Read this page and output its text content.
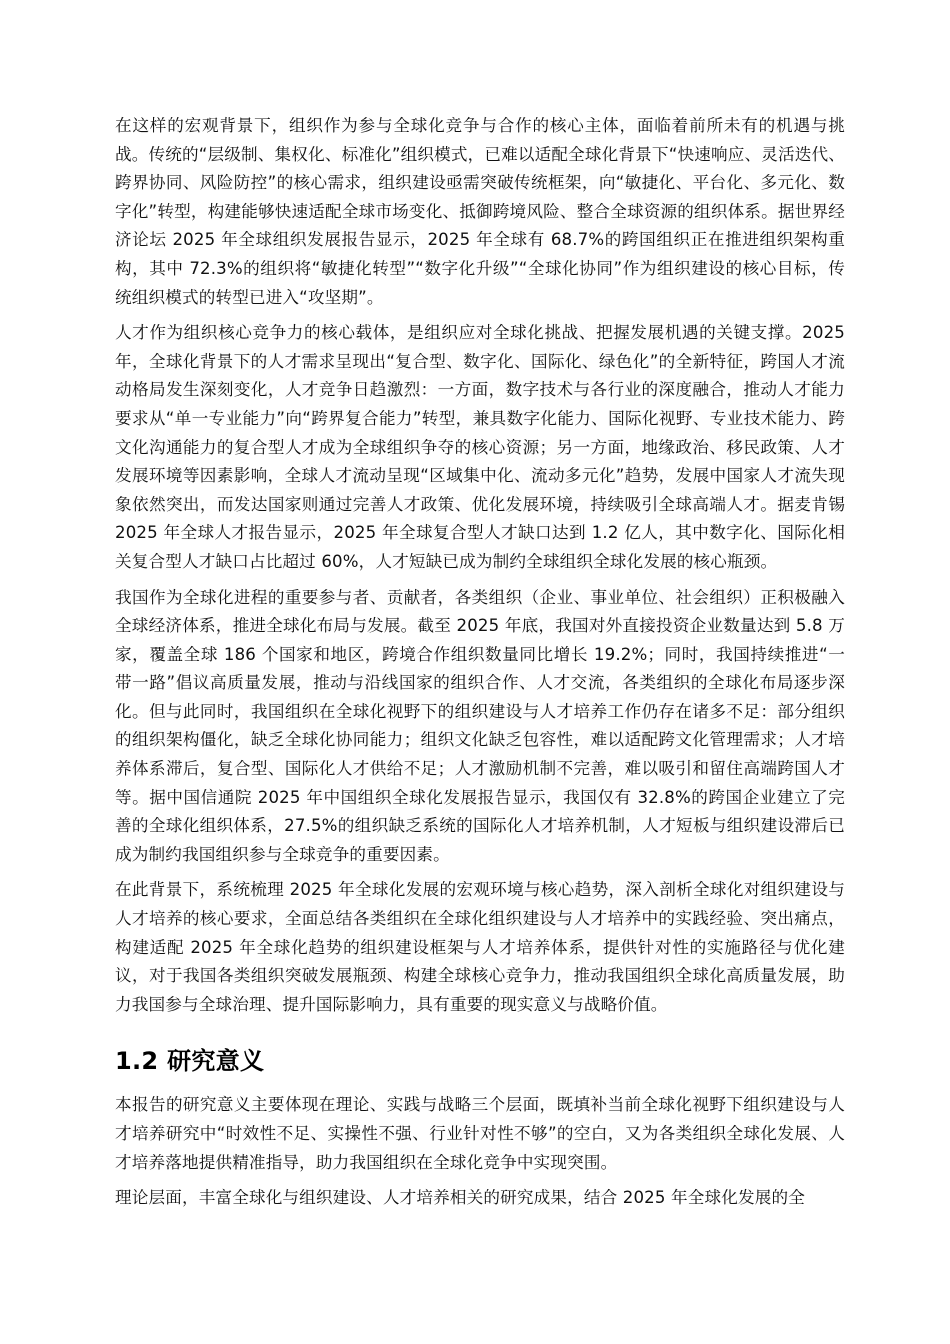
在这样的宏观背景下，组织作为参与全球化竞争与合作的核心主体，面临着前所未有的机遇与挑战。传统的“层级制、集权化、标准化”组织模式，已难以适配全球化背景下“快速响应、灵活迭代、跨界协同、风险防控”的核心需求，组织建设亟需突破传统框架，向“敏捷化、平台化、多元化、数字化”转型，构建能够快速适配全球市场变化、抵御跨境风险、整合全球资源的组织体系。据世界经济论坛 2025 年全球组织发展报告显示，2025 年全球有 68.7%的跨国组织正在推进组织架构重构，其中 72.3%的组织将“敏捷化转型”“数字化升级”“全球化协同”作为组织建设的核心目标，传统组织模式的转型已进入“攻坚期”。

人才作为组织核心竞争力的核心载体，是组织应对全球化挑战、把握发展机遇的关键支撑。2025 年，全球化背景下的人才需求呈现出“复合型、数字化、国际化、绿色化”的全新特征，跨国人才流动格局发生深刻变化，人才竞争日趋激烈：一方面，数字技术与各行业的深度融合，推动人才能力要求从“单一专业能力”向“跨界复合能力”转型，兼具数字化能力、国际化视野、专业技术能力、跨文化沟通能力的复合型人才成为全球组织争夺的核心资源；另一方面，地缘政治、移民政策、人才发展环境等因素影响，全球人才流动呈现“区域集中化、流动多元化”趋势，发展中国家人才流失现象依然突出，而发达国家则通过完善人才政策、优化发展环境，持续吸引全球高端人才。据麦肯锡 2025 年全球人才报告显示，2025 年全球复合型人才缺口达到 1.2 亿人，其中数字化、国际化相关复合型人才缺口占比超过 60%，人才短缺已成为制约全球组织全球化发展的核心瓶颈。

我国作为全球化进程的重要参与者、贡献者，各类组织（企业、事业单位、社会组织）正积极融入全球经济体系，推进全球化布局与发展。截至 2025 年底，我国对外直接投资企业数量达到 5.8 万家，覆盖全球 186 个国家和地区，跨境合作组织数量同比增长 19.2%；同时，我国持续推进“一带一路”倡议高质量发展，推动与沿线国家的组织合作、人才交流，各类组织的全球化布局逐步深化。但与此同时，我国组织在全球化视野下的组织建设与人才培养工作仍存在诸多不足：部分组织的组织架构僵化，缺乏全球化协同能力；组织文化缺乏包容性，难以适配跨文化管理需求；人才培养体系滞后，复合型、国际化人才供给不足；人才激励机制不完善，难以吸引和留住高端跨国人才等。据中国信通院 2025 年中国组织全球化发展报告显示，我国仅有 32.8%的跨国企业建立了完善的全球化组织体系，27.5%的组织缺乏系统的国际化人才培养机制，人才短板与组织建设滞后已成为制约我国组织参与全球竞争的重要因素。

在此背景下，系统梳理 2025 年全球化发展的宏观环境与核心趋势，深入剖析全球化对组织建设与人才培养的核心要求，全面总结各类组织在全球化组织建设与人才培养中的实践经验、突出痛点，构建适配 2025 年全球化趋势的组织建设框架与人才培养体系，提供针对性的实施路径与优化建议，对于我国各类组织突破发展瓶颈、构建全球核心竞争力，推动我国组织全球化高质量发展，助力我国参与全球治理、提升国际影响力，具有重要的现实意义与战略价值。

1.2 研究意义

本报告的研究意义主要体现在理论、实践与战略三个层面，既填补当前全球化视野下组织建设与人才培养研究中“时效性不足、实操性不强、行业针对性不够”的空白，又为各类组织全球化发展、人才培养落地提供精准指导，助力我国组织在全球化竞争中实现突围。

理论层面，丰富全球化与组织建设、人才培养相关的研究成果，结合 2025 年全球化发展的全
